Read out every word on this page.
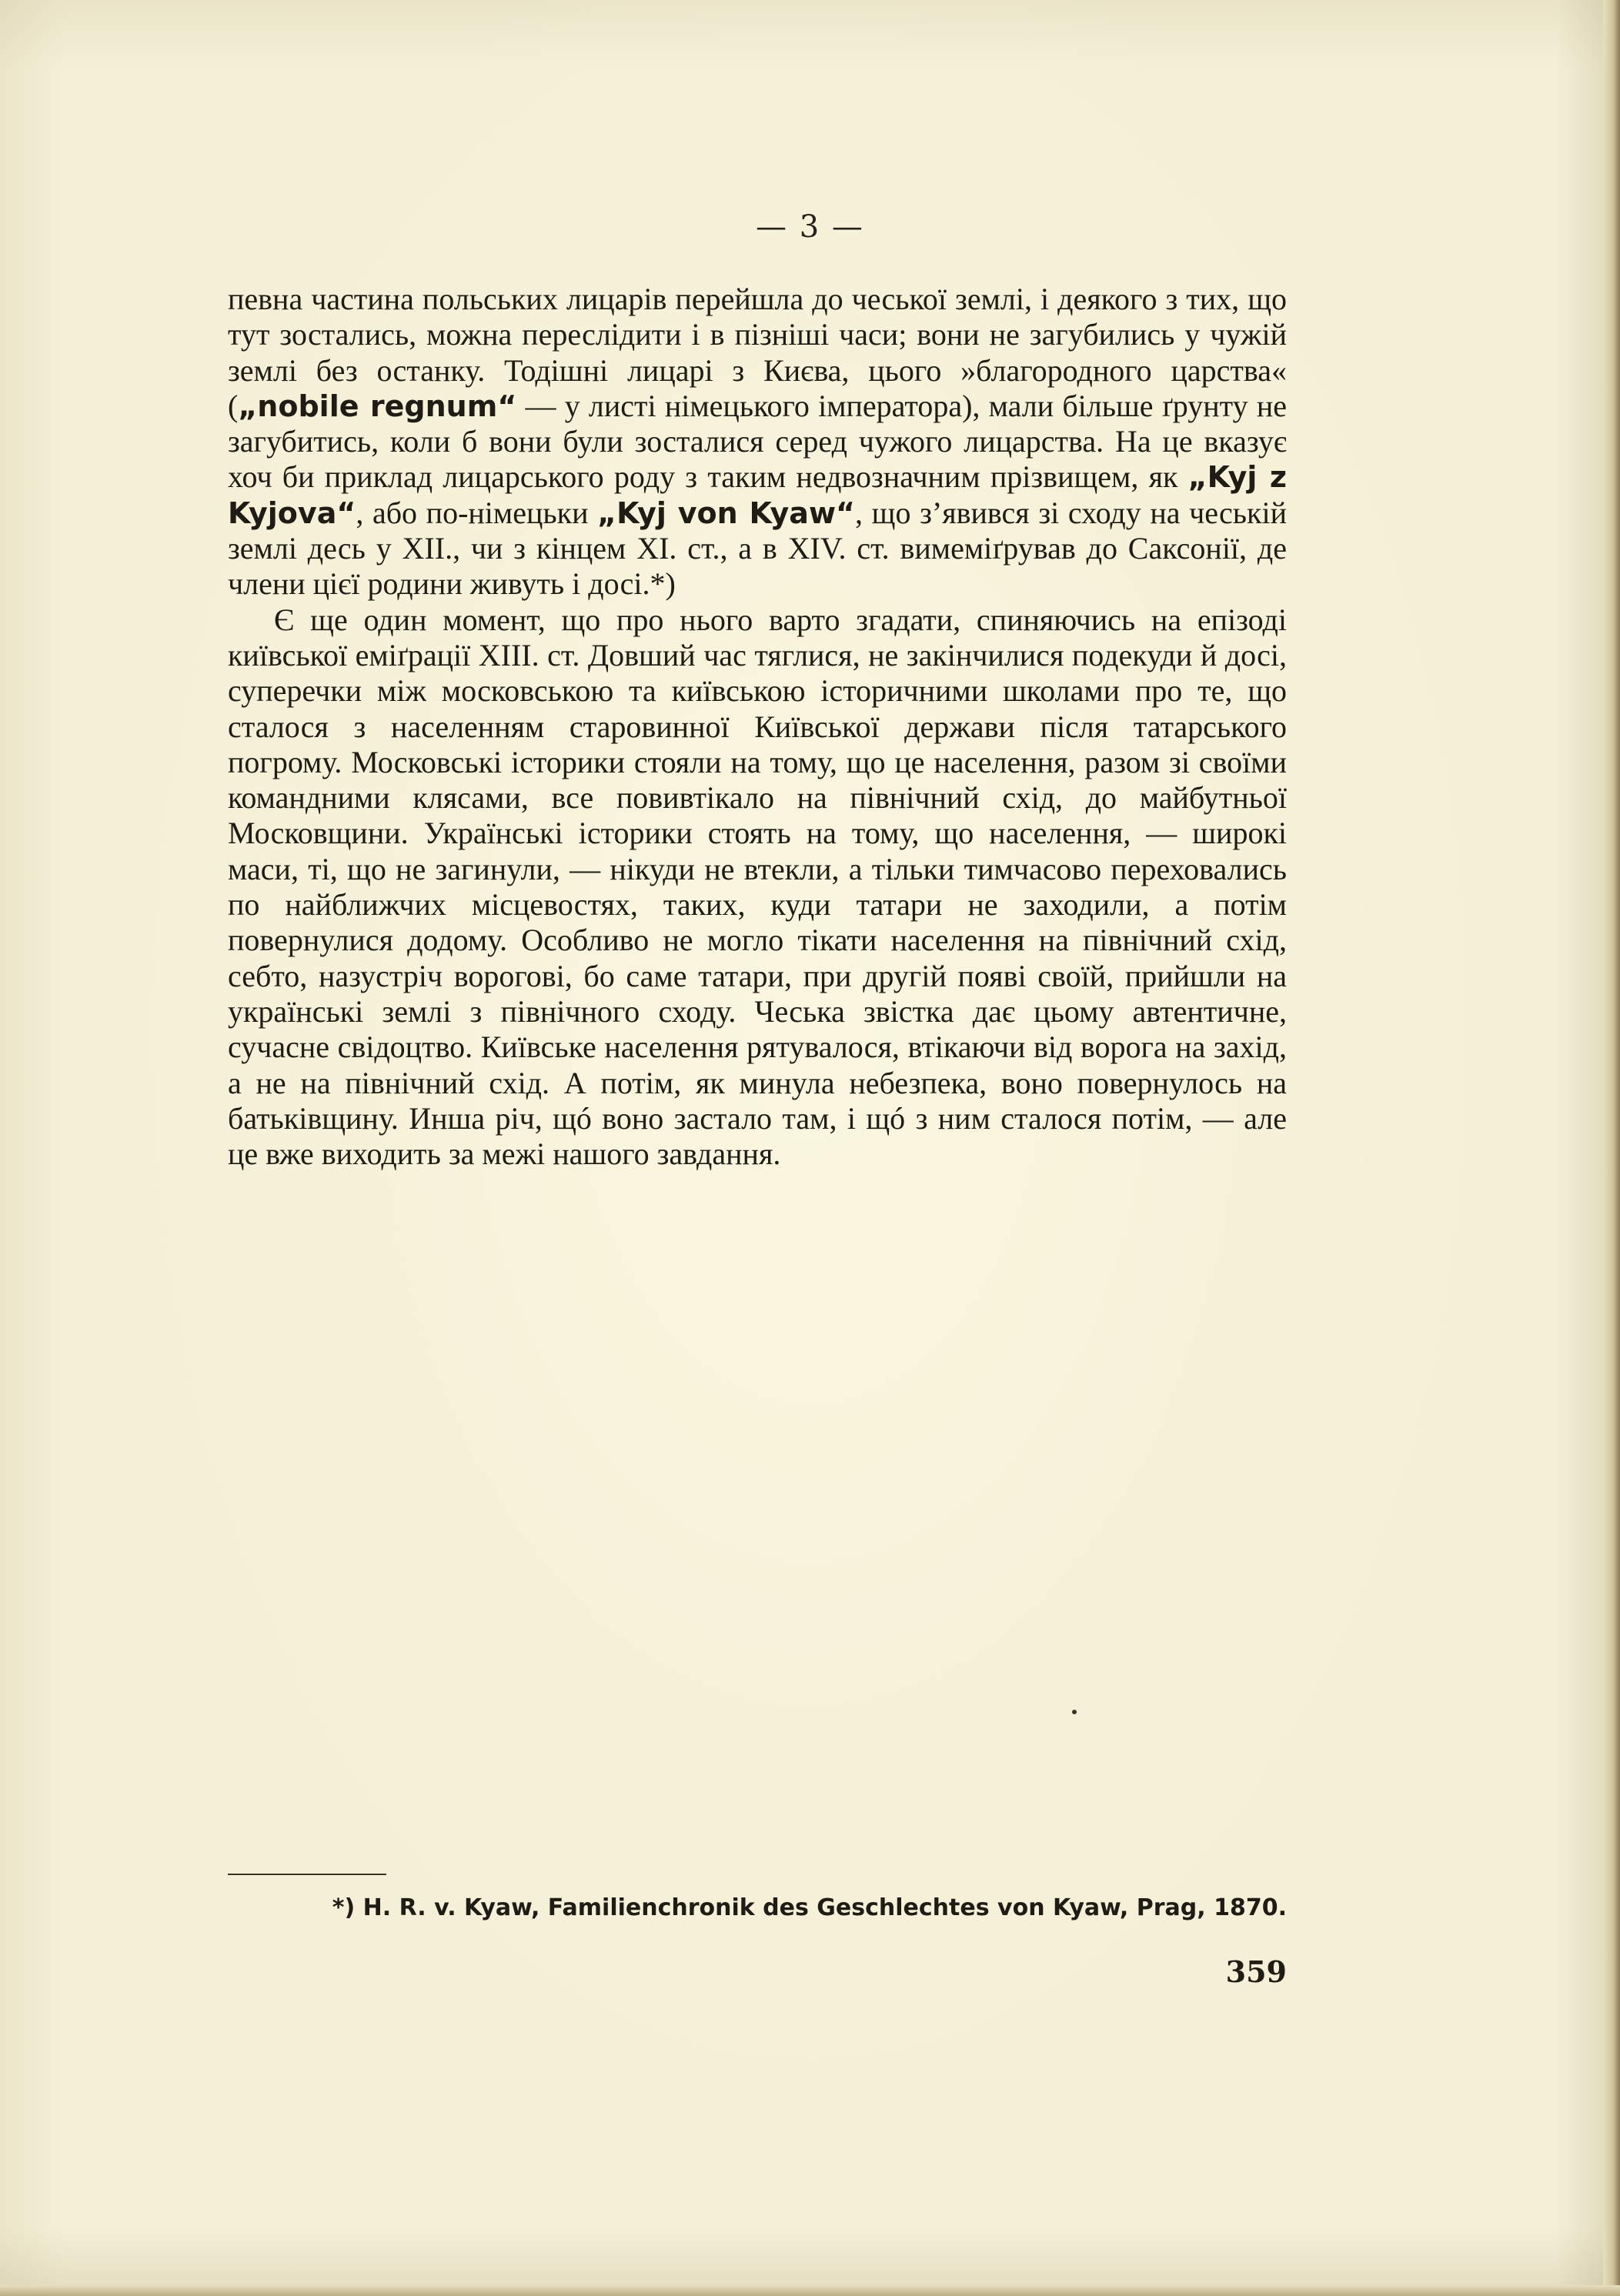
— 3 —

певна частина польських лицарів перейшла до чеської землі, і деякого з тих, що тут зостались, можна переслідити і в пізніші часи; вони не загубились у чужій землі без останку. Тодішні лицарі з Києва, цього »благородного царства« („nobile regnum“ — у листі німецького імператора), мали більше ґрунту не загубитись, коли б вони були зосталися серед чужого лицарства. На це вказує хоч би приклад лицарського роду з таким недвозначним прізвищем, як „Kyj z Kyjova“, або по-німецьки „Kyj von Kyaw“, що з’явився зі сходу на чеській землі десь у XII., чи з кінцем XI. ст., а в XIV. ст. вимеміґрував до Саксонії, де члени цієї родини живуть і досі.*)

Є ще один момент, що про нього варто згадати, спиняючись на епізоді київської еміґрації XIII. ст. Довший час тяглися, не закінчилися подекуди й досі, суперечки між московською та київською історичними школами про те, що сталося з населенням старовинної Київської держави після татарського погрому. Московські історики стояли на тому, що це населення, разом зі своїми командними клясами, все повивтікало на північний схід, до майбутньої Московщини. Українські історики стоять на тому, що населення, — широкі маси, ті, що не загинули, — нікуди не втекли, а тільки тимчасово переховались по найближчих місцевостях, таких, куди татари не заходили, а потім повернулися додому. Особливо не могло тікати населення на північний схід, себто, назустріч ворогові, бо саме татари, при другій появі своїй, прийшли на українські землі з північного сходу. Чеська звістка дає цьому автентичне, сучасне свідоцтво. Київське населення рятувалося, втікаючи від ворога на захід, а не на північний схід. А потім, як минула небезпека, воно повернулось на батьківщину. Инша річ, щó воно застало там, і щó з ним сталося потім, — але це вже виходить за межі нашого завдання.

*) H. R. v. Kyaw, Familienchronik des Geschlechtes von Kyaw, Prag, 1870.
359
